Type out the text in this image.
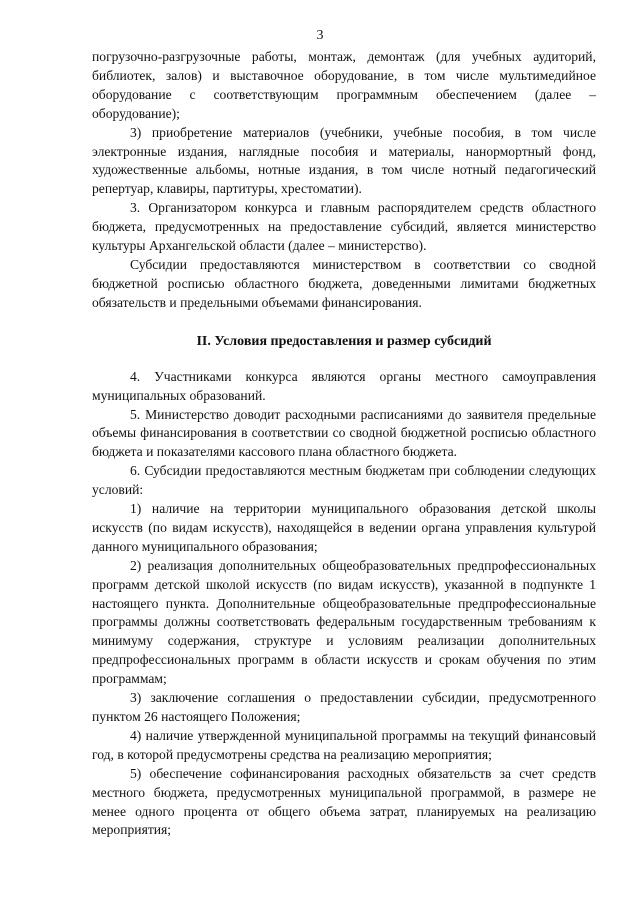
3

погрузочно-разгрузочные работы, монтаж, демонтаж (для учебных аудиторий, библиотек, залов) и выставочное оборудование, в том числе мультимедийное оборудование с соответствующим программным обеспечением (далее – оборудование);

3) приобретение материалов (учебники, учебные пособия, в том числе электронные издания, наглядные пособия и материалы, нанормортный фонд, художественные альбомы, нотные издания, в том числе нотный педагогический репертуар, клавиры, партитуры, хрестоматии).

3. Организатором конкурса и главным распорядителем средств областного бюджета, предусмотренных на предоставление субсидий, является министерство культуры Архангельской области (далее – министерство).

Субсидии предоставляются министерством в соответствии со сводной бюджетной росписью областного бюджета, доведенными лимитами бюджетных обязательств и предельными объемами финансирования.

II. Условия предоставления и размер субсидий

4. Участниками конкурса являются органы местного самоуправления муниципальных образований.

5. Министерство доводит расходными расписаниями до заявителя предельные объемы финансирования в соответствии со сводной бюджетной росписью областного бюджета и показателями кассового плана областного бюджета.

6. Субсидии предоставляются местным бюджетам при соблюдении следующих условий:

1) наличие на территории муниципального образования детской школы искусств (по видам искусств), находящейся в ведении органа управления культурой данного муниципального образования;

2) реализация дополнительных общеобразовательных предпрофессиональных программ детской школой искусств (по видам искусств), указанной в подпункте 1 настоящего пункта. Дополнительные общеобразовательные предпрофессиональные программы должны соответствовать федеральным государственным требованиям к минимуму содержания, структуре и условиям реализации дополнительных предпрофессиональных программ в области искусств и срокам обучения по этим программам;

3) заключение соглашения о предоставлении субсидии, предусмотренного пунктом 26 настоящего Положения;

4) наличие утвержденной муниципальной программы на текущий финансовый год, в которой предусмотрены средства на реализацию мероприятия;

5) обеспечение софинансирования расходных обязательств за счет средств местного бюджета, предусмотренных муниципальной программой, в размере не менее одного процента от общего объема затрат, планируемых на реализацию мероприятия;
